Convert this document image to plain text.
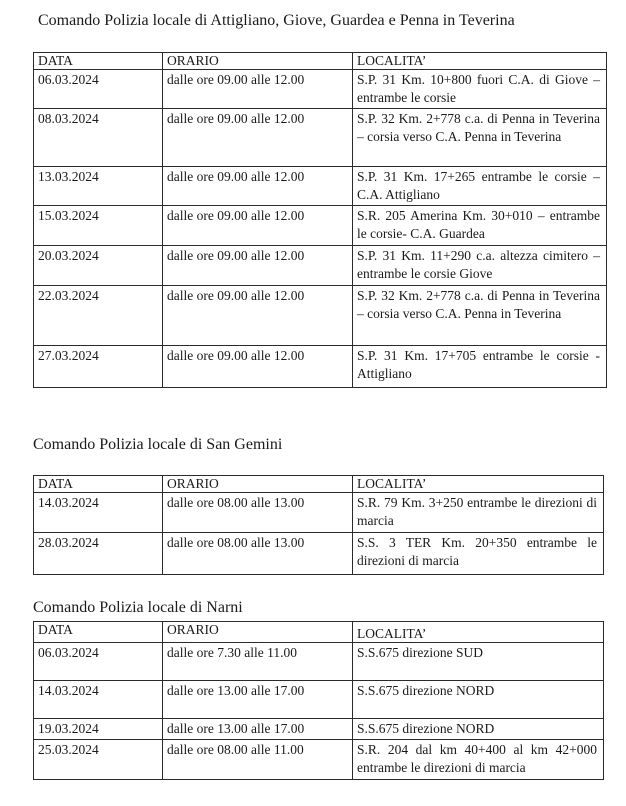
Comando Polizia locale di Attigliano, Giove, Guardea e Penna in Teverina
DATA	ORARIO	LOCALITA’
06.03.2024	dalle ore 09.00 alle 12.00	S.P. 31 Km. 10+800 fuori C.A. di Giove – entrambe le corsie
08.03.2024	dalle ore 09.00 alle 12.00	S.P. 32 Km. 2+778 c.a. di Penna in Teverina – corsia verso C.A. Penna in Teverina
13.03.2024	dalle ore 09.00 alle 12.00	S.P. 31 Km. 17+265 entrambe le corsie – C.A. Attigliano
15.03.2024	dalle ore 09.00 alle 12.00	S.R. 205 Amerina Km. 30+010 – entrambe le corsie- C.A. Guardea
20.03.2024	dalle ore 09.00 alle 12.00	S.P. 31 Km. 11+290 c.a. altezza cimitero – entrambe le corsie Giove
22.03.2024	dalle ore 09.00 alle 12.00	S.P. 32 Km. 2+778 c.a. di Penna in Teverina – corsia verso C.A. Penna in Teverina
27.03.2024	dalle ore 09.00 alle 12.00	S.P. 31 Km. 17+705 entrambe le corsie - Attigliano
Comando Polizia locale di San Gemini
DATA	ORARIO	LOCALITA’
14.03.2024	dalle ore 08.00 alle 13.00	S.R. 79 Km. 3+250 entrambe le direzioni di marcia
28.03.2024	dalle ore 08.00 alle 13.00	S.S. 3 TER Km. 20+350 entrambe le direzioni di marcia
Comando Polizia locale di Narni
DATA	ORARIO	LOCALITA’
06.03.2024	dalle ore 7.30 alle 11.00	S.S.675 direzione SUD
14.03.2024	dalle ore 13.00 alle 17.00	S.S.675 direzione NORD
19.03.2024	dalle ore 13.00 alle 17.00	S.S.675 direzione NORD
25.03.2024	dalle ore 08.00 alle 11.00	S.R. 204 dal km 40+400 al km 42+000 entrambe le direzioni di marcia
